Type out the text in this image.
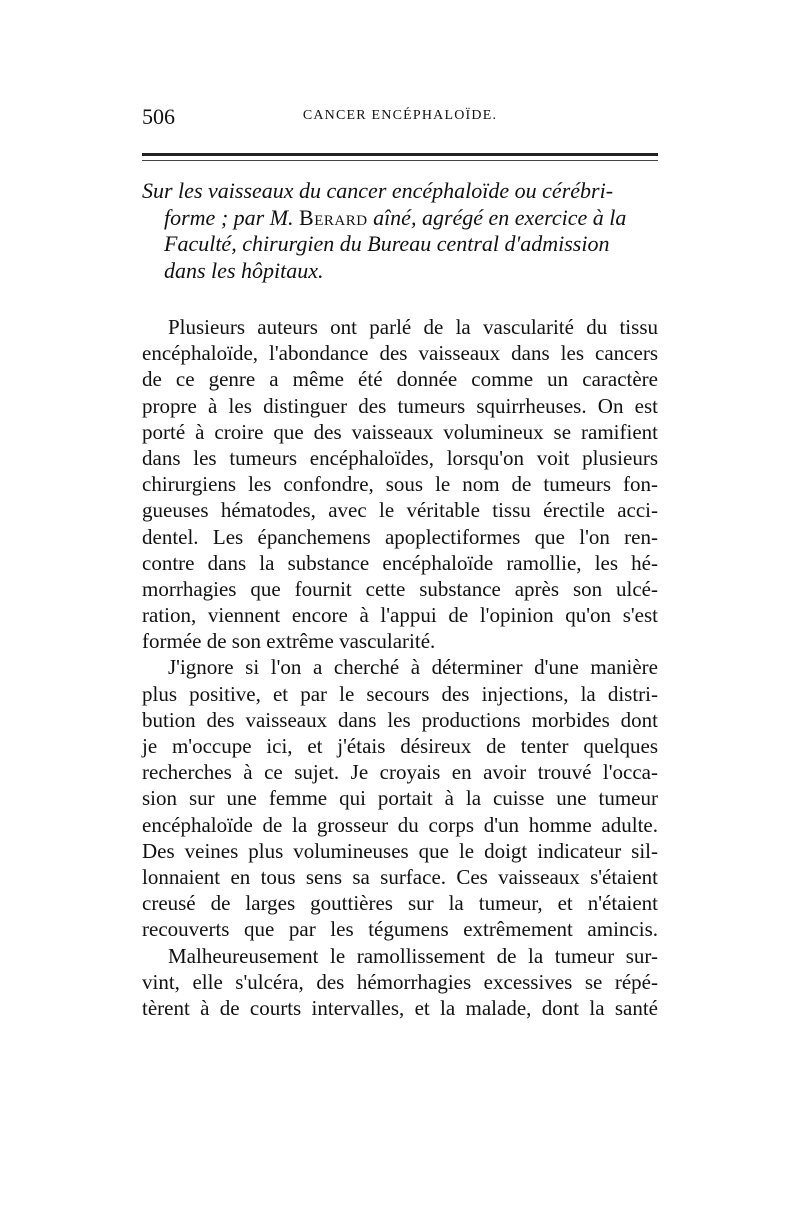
506	CANCER ENCÉPHALOÏDE.
Sur les vaisseaux du cancer encéphaloïde ou cérébri-
forme ; par M. Berard aîné, agrégé en exercice à la
Faculté, chirurgien du Bureau central d'admission
dans les hôpitaux.
Plusieurs auteurs ont parlé de la vascularité du tissu
encéphaloïde, l'abondance des vaisseaux dans les cancers
de ce genre a même été donnée comme un caractère
propre à les distinguer des tumeurs squirrheuses. On est
porté à croire que des vaisseaux volumineux se ramifient
dans les tumeurs encéphaloïdes, lorsqu'on voit plusieurs
chirurgiens les confondre, sous le nom de tumeurs fon-
gueuses hématodes, avec le véritable tissu érectile acci-
dentel. Les épanchemens apoplectiformes que l'on ren-
contre dans la substance encéphaloïde ramollie, les hé-
morrhagies que fournit cette substance après son ulcé-
ration, viennent encore à l'appui de l'opinion qu'on s'est
formée de son extrême vascularité.
J'ignore si l'on a cherché à déterminer d'une manière
plus positive, et par le secours des injections, la distri-
bution des vaisseaux dans les productions morbides dont
je m'occupe ici, et j'étais désireux de tenter quelques
recherches à ce sujet. Je croyais en avoir trouvé l'occa-
sion sur une femme qui portait à la cuisse une tumeur
encéphaloïde de la grosseur du corps d'un homme adulte.
Des veines plus volumineuses que le doigt indicateur sil-
lonnaient en tous sens sa surface. Ces vaisseaux s'étaient
creusé de larges gouttières sur la tumeur, et n'étaient
recouverts que par les tégumens extrêmement amincis.
Malheureusement le ramollissement de la tumeur sur-
vint, elle s'ulcéra, des hémorrhagies excessives se répé-
tèrent à de courts intervalles, et la malade, dont la santé
